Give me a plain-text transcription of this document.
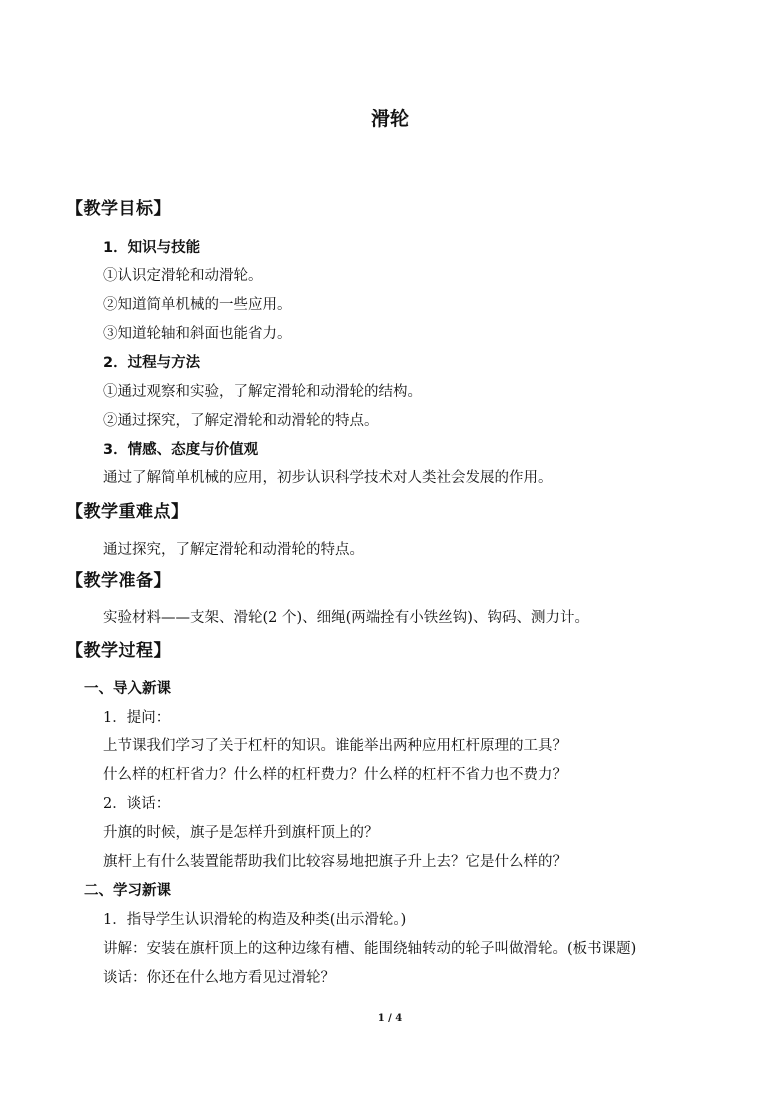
滑轮
【教学目标】
1．知识与技能
①认识定滑轮和动滑轮。
②知道简单机械的一些应用。
③知道轮轴和斜面也能省力。
2．过程与方法
①通过观察和实验，了解定滑轮和动滑轮的结构。
②通过探究，了解定滑轮和动滑轮的特点。
3．情感、态度与价值观
通过了解简单机械的应用，初步认识科学技术对人类社会发展的作用。
【教学重难点】
通过探究，了解定滑轮和动滑轮的特点。
【教学准备】
实验材料——支架、滑轮(2 个)、细绳(两端拴有小铁丝钩)、钩码、测力计。
【教学过程】
一、导入新课
1．提问：
上节课我们学习了关于杠杆的知识。谁能举出两种应用杠杆原理的工具？
什么样的杠杆省力？什么样的杠杆费力？什么样的杠杆不省力也不费力？
2．谈话：
升旗的时候，旗子是怎样升到旗杆顶上的？
旗杆上有什么装置能帮助我们比较容易地把旗子升上去？它是什么样的？
二、学习新课
1．指导学生认识滑轮的构造及种类(出示滑轮。)
讲解：安装在旗杆顶上的这种边缘有槽、能围绕轴转动的轮子叫做滑轮。(板书课题)
谈话：你还在什么地方看见过滑轮？
1 / 4
